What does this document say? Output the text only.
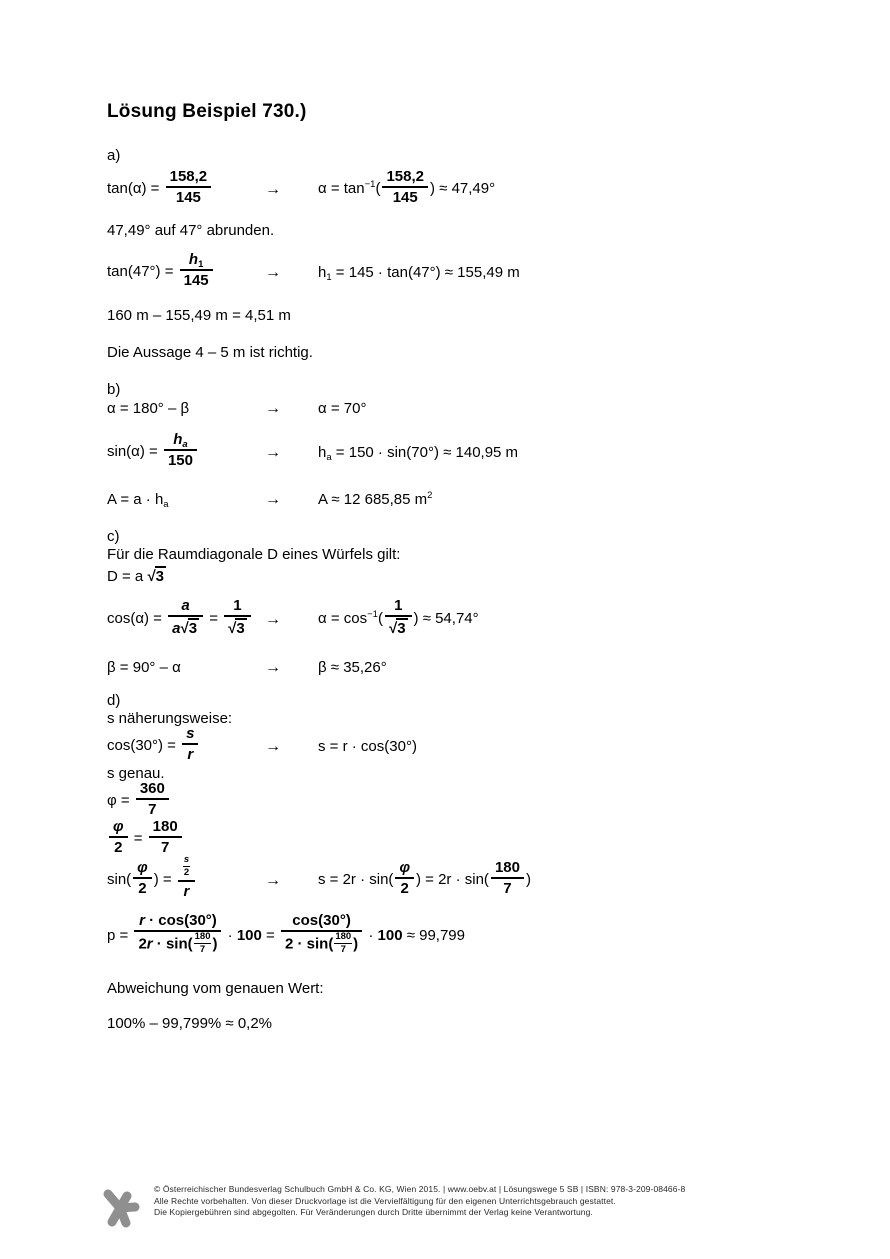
Lösung Beispiel 730.)
a)
$\tan(\alpha) = \frac{158,2}{145}$	→	$\alpha = \tan^{-1}( \frac{158,2}{145}$ ) ≈ 47,49°
47,49° auf 47° abrunden.
$\tan(47^\circ) = \frac{h_1}{145}$	→	$h_1 = 145 \cdot \tan(47^\circ) \approx 155,49$ m
160 m – 155,49 m = 4,51 m
Die Aussage 4 – 5 m ist richtig.
b)
α = 180° – β	→	α = 70°
$\sin(\alpha) = \frac{h_a}{150}$	→	$h_a = 150 \cdot \sin(70^\circ) \approx 140,95$ m
$A = a \cdot h_a$	→	A ≈ 12 685,85 $m^2$
c)
Für die Raumdiagonale D eines Würfels gilt:
D = a √3
$\cos(\alpha) = \frac{a}{a√3} = \frac{1}{√3}$ →	$\alpha = \cos^{-1}( \frac{1}{√3}$ ) ≈ 54,74°
β = 90° – α	→	β ≈ 35,26°
d)
s näherungsweise:
$\cos(30^\circ) = \frac{s}{r}$	→	s = r · cos(30°)
s genau.
$\varphi = \frac{360}{7}$
$\frac{\varphi}{2} = \frac{180}{7}$
$\sin( \frac{\varphi}{2}$ ) = $\frac{\frac{s}{2}}{r}$	→	$s = 2r \cdot \sin( \frac{\varphi}{2}$ ) = $2r \cdot \sin( \frac{180}{7}$ )
$p = \frac{r \cdot \cos(30^\circ)}{2r \cdot \sin( \frac{180}{7} )} \cdot 100 = \frac{\cos(30^\circ)}{2 \cdot \sin( \frac{180}{7} )} \cdot 100 \approx 99,799$
Abweichung vom genauen Wert:
100% – 99,799% ≈ 0,2%
© Österreichischer Bundesverlag Schulbuch GmbH & Co. KG, Wien 2015. | www.oebv.at | Lösungswege 5 SB | ISBN: 978-3-209-08466-8
Alle Rechte vorbehalten. Von dieser Druckvorlage ist die Vervielfältigung für den eigenen Unterrichtsgebrauch gestattet.
Die Kopiergebühren sind abgegolten. Für Veränderungen durch Dritte übernimmt der Verlag keine Verantwortung.
